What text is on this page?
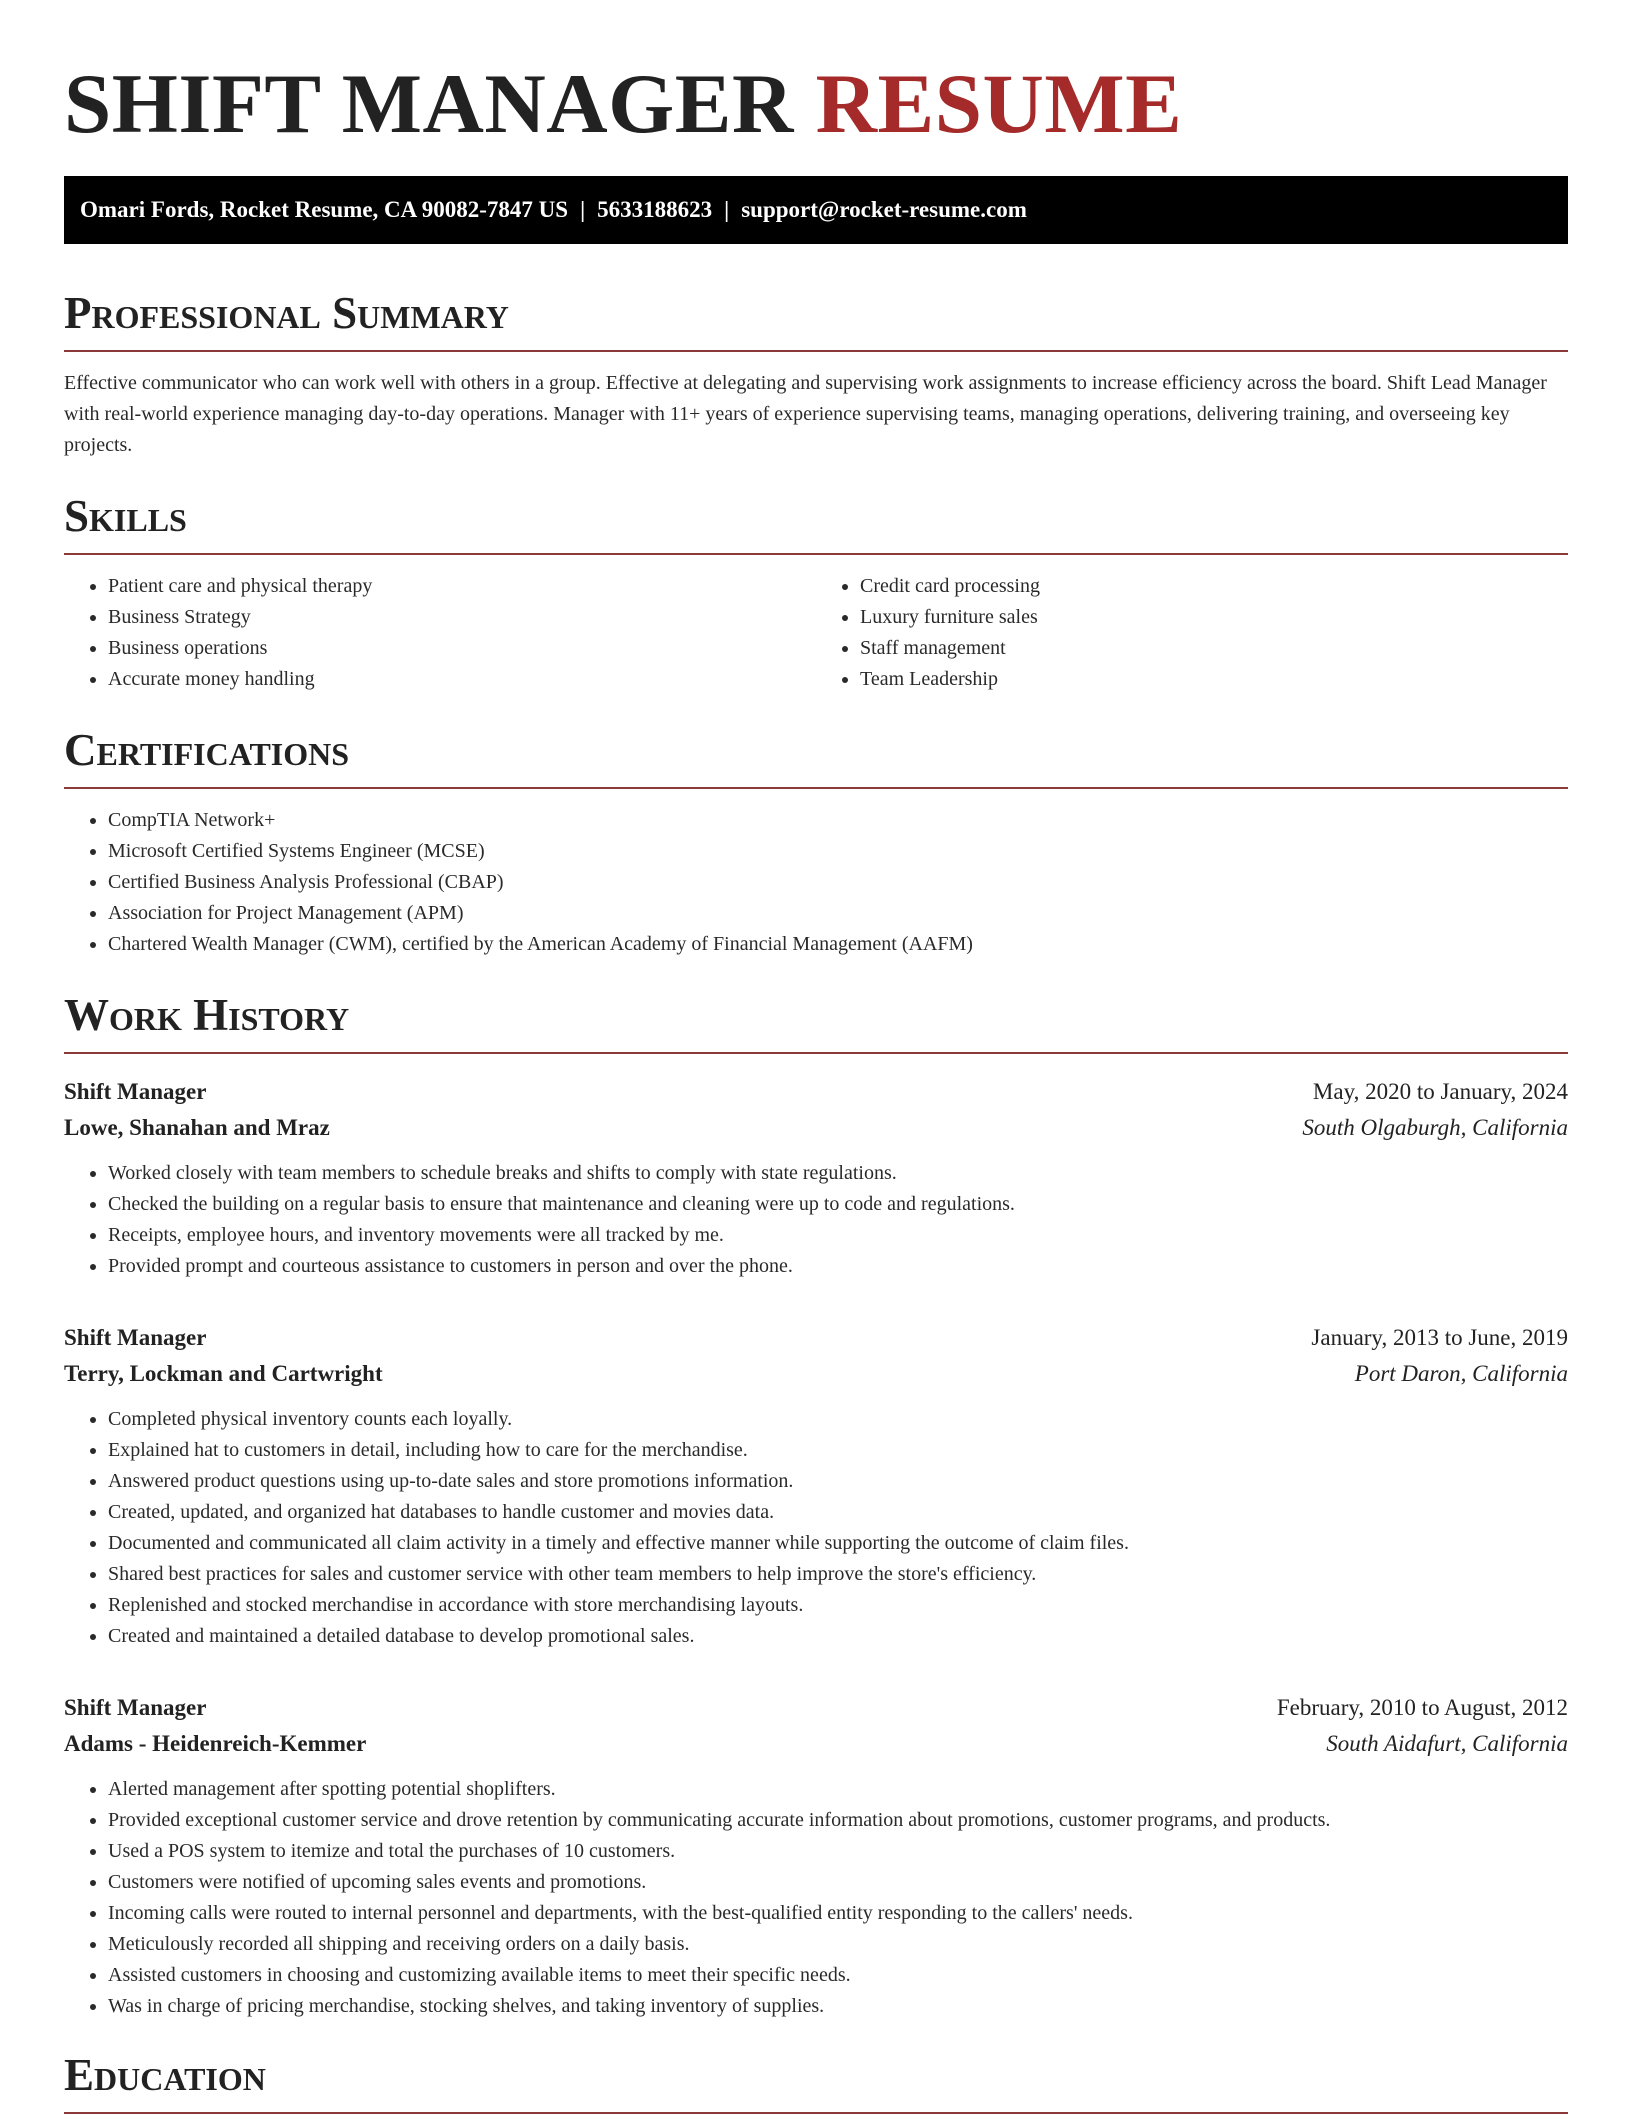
SHIFT MANAGER RESUME
Omari Fords, Rocket Resume, CA 90082-7847 US | 5633188623 | support@rocket-resume.com
Professional Summary

Effective communicator who can work well with others in a group. Effective at delegating and supervising work assignments to increase efficiency across the board. Shift Lead Manager with real-world experience managing day-to-day operations. Manager with 11+ years of experience supervising teams, managing operations, delivering training, and overseeing key projects.

Skills
• Patient care and physical therapy
• Business Strategy
• Business operations
• Accurate money handling
• Credit card processing
• Luxury furniture sales
• Staff management
• Team Leadership
Certifications
• CompTIA Network+
• Microsoft Certified Systems Engineer (MCSE)
• Certified Business Analysis Professional (CBAP)
• Association for Project Management (APM)
• Chartered Wealth Manager (CWM), certified by the American Academy of Financial Management (AAFM)
Work History
Shift Manager	May, 2020 to January, 2024
Lowe, Shanahan and Mraz	South Olgaburgh, California
• Worked closely with team members to schedule breaks and shifts to comply with state regulations.
• Checked the building on a regular basis to ensure that maintenance and cleaning were up to code and regulations.
• Receipts, employee hours, and inventory movements were all tracked by me.
• Provided prompt and courteous assistance to customers in person and over the phone.
Shift Manager	January, 2013 to June, 2019
Terry, Lockman and Cartwright	Port Daron, California
• Completed physical inventory counts each loyally.
• Explained hat to customers in detail, including how to care for the merchandise.
• Answered product questions using up-to-date sales and store promotions information.
• Created, updated, and organized hat databases to handle customer and movies data.
• Documented and communicated all claim activity in a timely and effective manner while supporting the outcome of claim files.
• Shared best practices for sales and customer service with other team members to help improve the store's efficiency.
• Replenished and stocked merchandise in accordance with store merchandising layouts.
• Created and maintained a detailed database to develop promotional sales.
Shift Manager	February, 2010 to August, 2012
Adams - Heidenreich-Kemmer	South Aidafurt, California
• Alerted management after spotting potential shoplifters.
• Provided exceptional customer service and drove retention by communicating accurate information about promotions, customer programs, and products.
• Used a POS system to itemize and total the purchases of 10 customers.
• Customers were notified of upcoming sales events and promotions.
• Incoming calls were routed to internal personnel and departments, with the best-qualified entity responding to the callers' needs.
• Meticulously recorded all shipping and receiving orders on a daily basis.
• Assisted customers in choosing and customizing available items to meet their specific needs.
• Was in charge of pricing merchandise, stocking shelves, and taking inventory of supplies.
Education
